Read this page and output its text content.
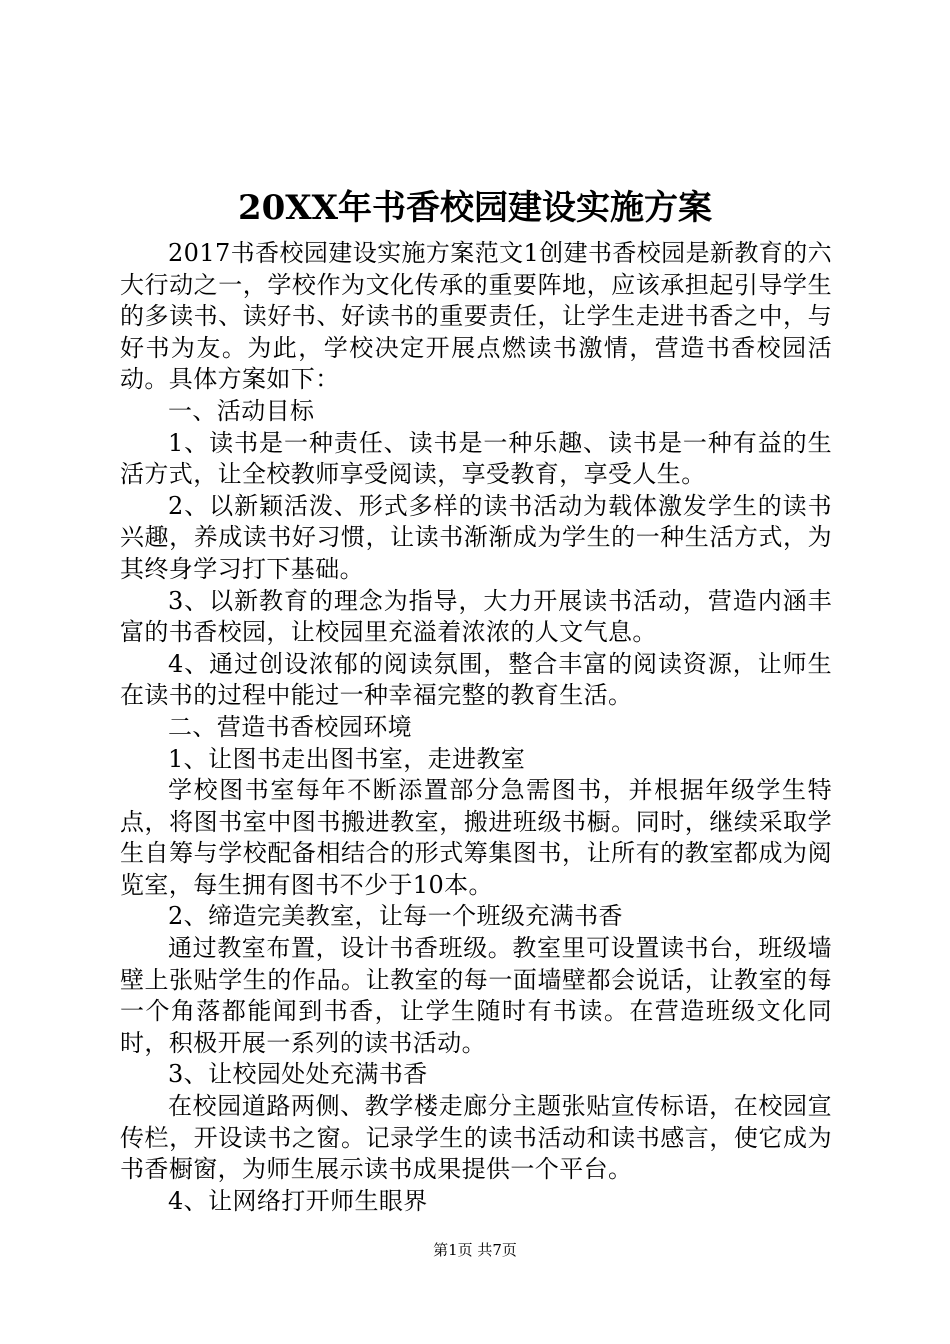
20XX年书香校园建设实施方案

2017书香校园建设实施方案范文1创建书香校园是新教育的六大行动之一，学校作为文化传承的重要阵地，应该承担起引导学生的多读书、读好书、好读书的重要责任，让学生走进书香之中，与好书为友。为此，学校决定开展点燃读书激情，营造书香校园活动。具体方案如下：

一、活动目标

1、读书是一种责任、读书是一种乐趣、读书是一种有益的生活方式，让全校教师享受阅读，享受教育，享受人生。

2、以新颖活泼、形式多样的读书活动为载体激发学生的读书兴趣，养成读书好习惯，让读书渐渐成为学生的一种生活方式，为其终身学习打下基础。

3、以新教育的理念为指导，大力开展读书活动，营造内涵丰富的书香校园，让校园里充溢着浓浓的人文气息。

4、通过创设浓郁的阅读氛围，整合丰富的阅读资源，让师生在读书的过程中能过一种幸福完整的教育生活。

二、营造书香校园环境

1、让图书走出图书室，走进教室

学校图书室每年不断添置部分急需图书，并根据年级学生特点，将图书室中图书搬进教室，搬进班级书橱。同时，继续采取学生自筹与学校配备相结合的形式筹集图书，让所有的教室都成为阅览室，每生拥有图书不少于10本。

2、缔造完美教室，让每一个班级充满书香

通过教室布置，设计书香班级。教室里可设置读书台，班级墙壁上张贴学生的作品。让教室的每一面墙壁都会说话，让教室的每一个角落都能闻到书香，让学生随时有书读。在营造班级文化同时，积极开展一系列的读书活动。

3、让校园处处充满书香

在校园道路两侧、教学楼走廊分主题张贴宣传标语，在校园宣传栏，开设读书之窗。记录学生的读书活动和读书感言，使它成为书香橱窗，为师生展示读书成果提供一个平台。

4、让网络打开师生眼界

第1页 共7页
